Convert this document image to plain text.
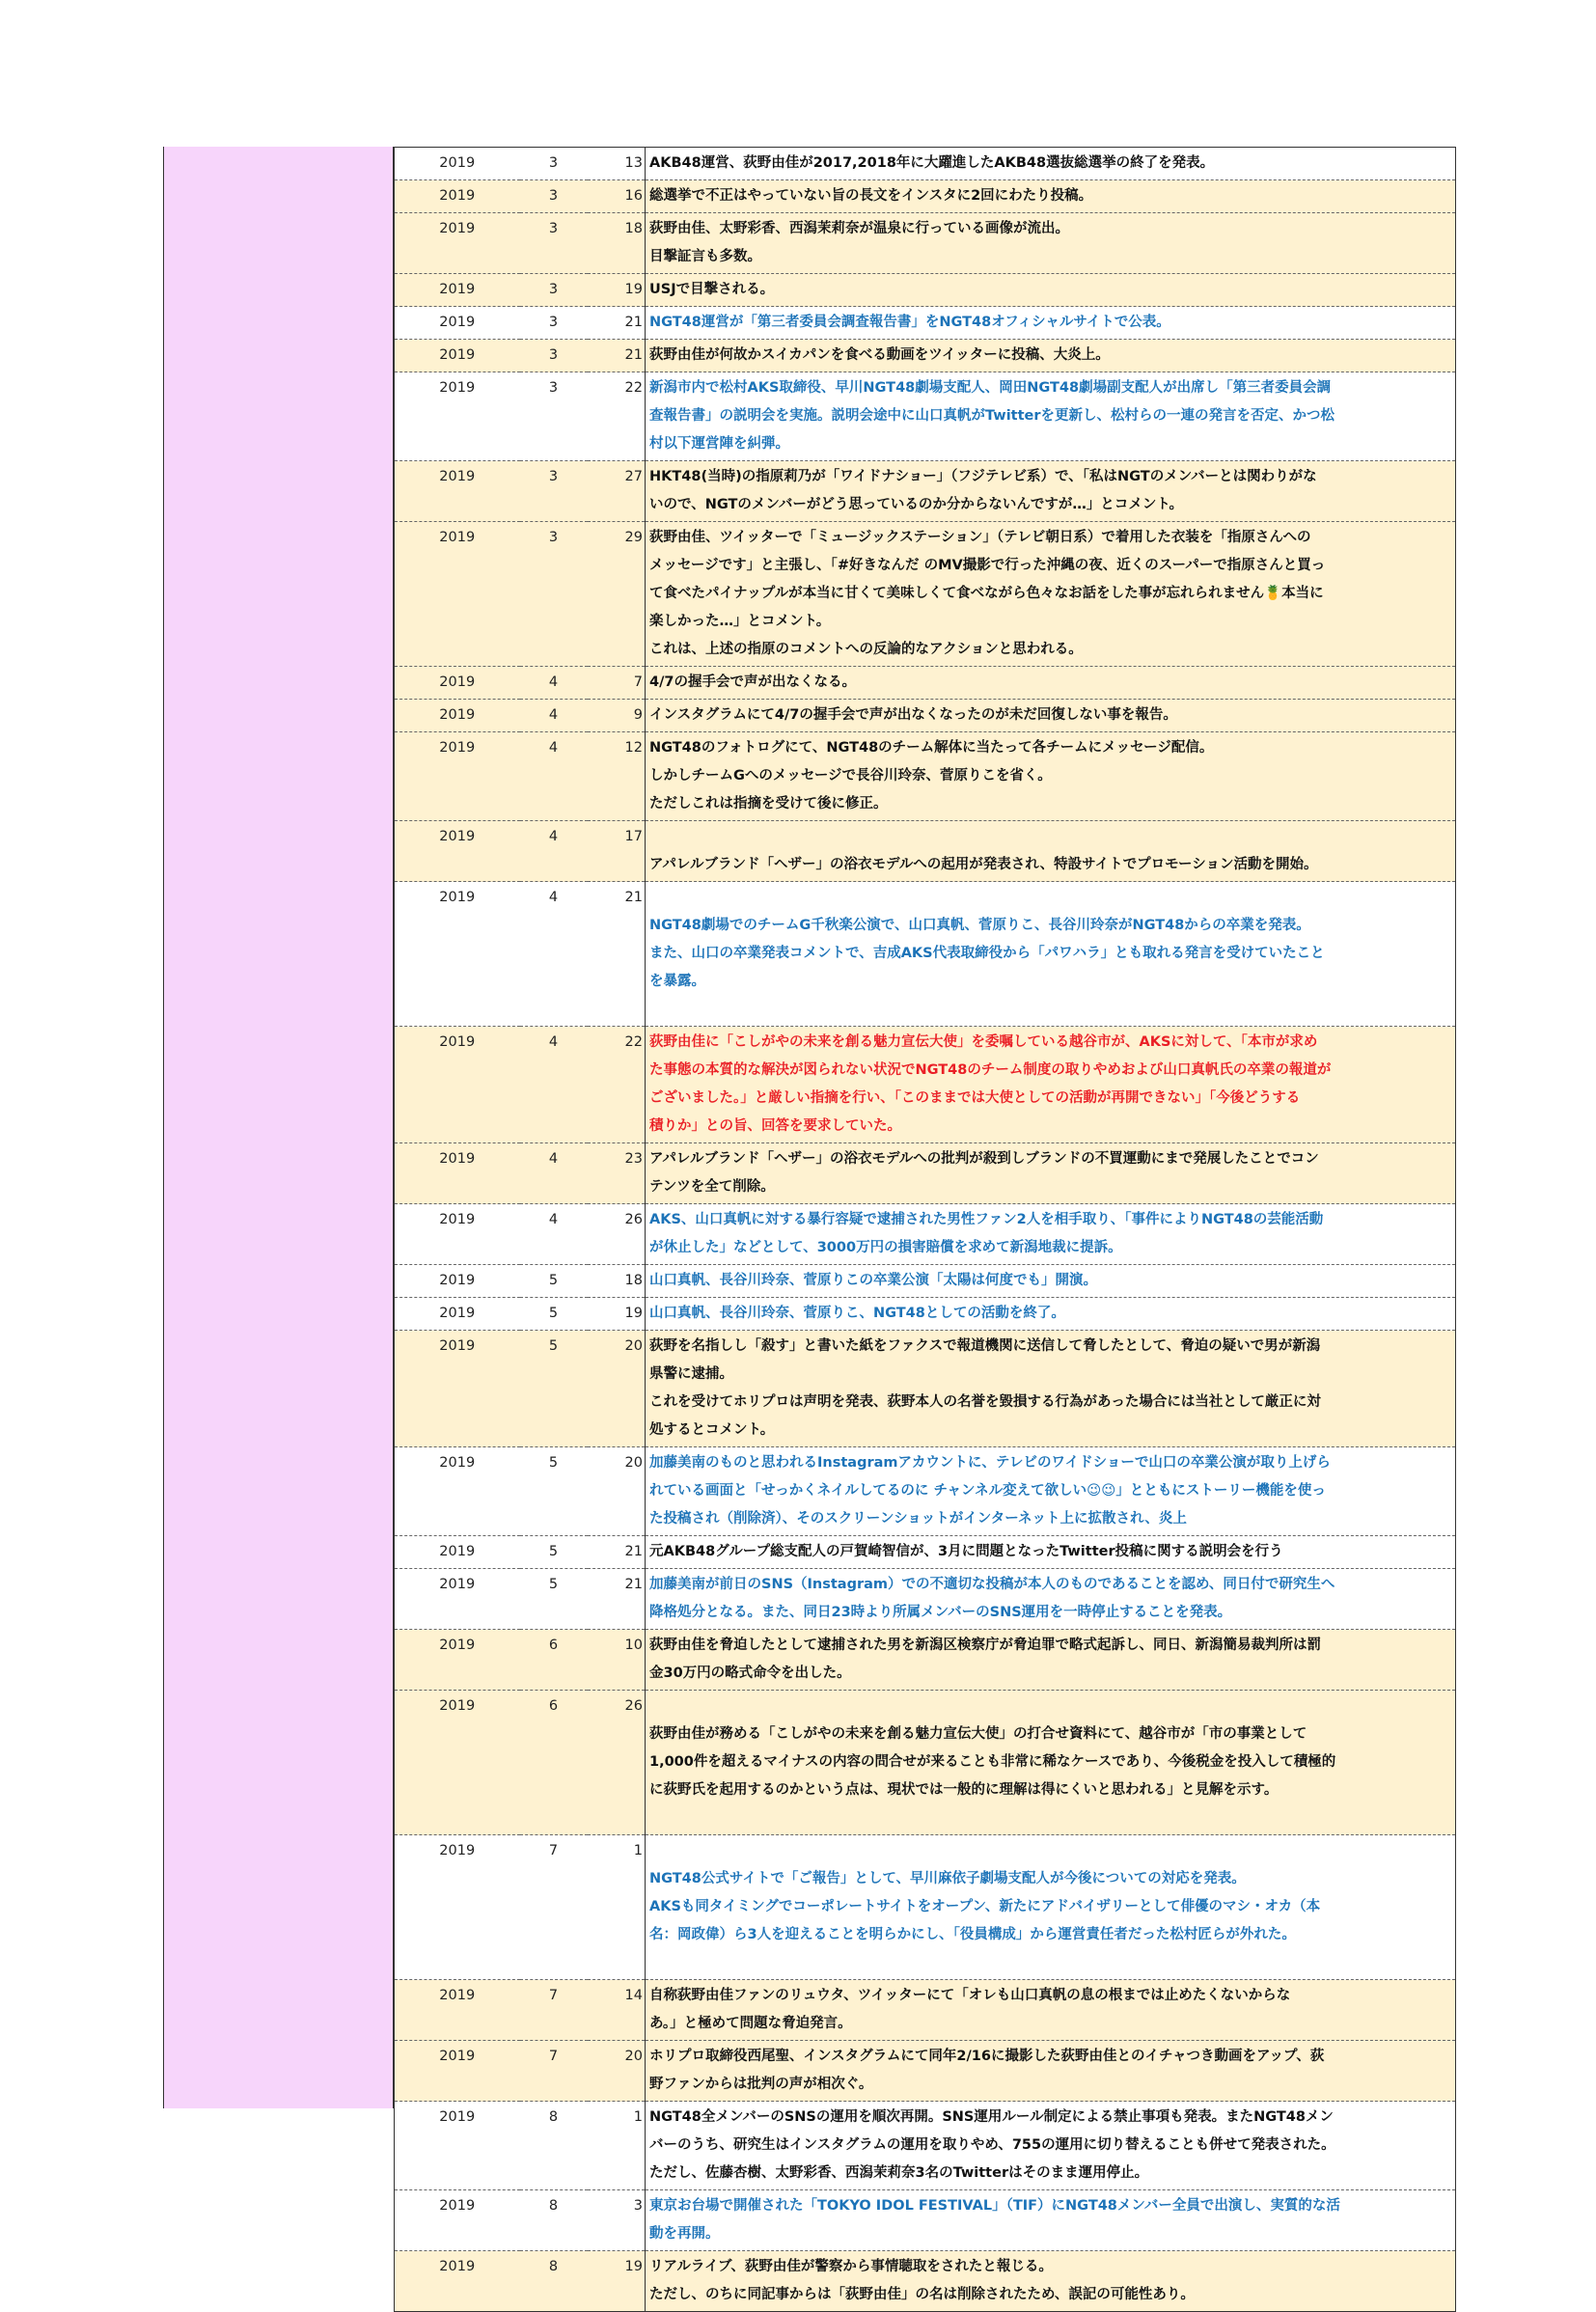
2019	3	13	AKB48運営、荻野由佳が2017,2018年に大躍進したAKB48選抜総選挙の終了を発表。

2019	3	16	総選挙で不正はやっていない旨の長文をインスタに2回にわたり投稿。

2019	3	18	荻野由佳、太野彩香、西潟茉莉奈が温泉に行っている画像が流出。
目撃証言も多数。

2019	3	19	USJで目撃される。

2019	3	21	NGT48運営が「第三者委員会調査報告書」をNGT48オフィシャルサイトで公表。

2019	3	21	荻野由佳が何故かスイカパンを食べる動画をツイッターに投稿、大炎上。

2019	3	22	新潟市内で松村AKS取締役、早川NGT48劇場支配人、岡田NGT48劇場副支配人が出席し「第三者委員会調
査報告書」の説明会を実施。説明会途中に山口真帆がTwitterを更新し、松村らの一連の発言を否定、かつ松
村以下運営陣を糾弾。

2019	3	27	HKT48(当時)の指原莉乃が「ワイドナショー」（フジテレビ系）で、「私はNGTのメンバーとは関わりがな
いので、NGTのメンバーがどう思っているのか分からないんですが…」とコメント。

2019	3	29	荻野由佳、ツイッターで「ミュージックステーション」（テレビ朝日系）で着用した衣装を「指原さんへの
メッセージです」と主張し、「#好きなんだ のMV撮影で行った沖縄の夜、近くのスーパーで指原さんと買っ
て食べたパイナップルが本当に甘くて美味しくて食べながら色々なお話をした事が忘れられません🍍本当に
楽しかった…」とコメント。
これは、上述の指原のコメントへの反論的なアクションと思われる。

2019	4	7	4/7の握手会で声が出なくなる。

2019	4	9	インスタグラムにて4/7の握手会で声が出なくなったのが未だ回復しない事を報告。

2019	4	12	NGT48のフォトログにて、NGT48のチーム解体に当たって各チームにメッセージ配信。
しかしチームGへのメッセージで長谷川玲奈、菅原りこを省く。
ただしこれは指摘を受けて後に修正。

2019	4	17	アパレルブランド「ヘザー」の浴衣モデルへの起用が発表され、特設サイトでプロモーション活動を開始。

2019	4	21	NGT48劇場でのチームG千秋楽公演で、山口真帆、菅原りこ、長谷川玲奈がNGT48からの卒業を発表。
また、山口の卒業発表コメントで、吉成AKS代表取締役から「パワハラ」とも取れる発言を受けていたこと
を暴露。

2019	4	22	荻野由佳に「こしがやの未来を創る魅力宣伝大使」を委嘱している越谷市が、AKSに対して、「本市が求め
た事態の本質的な解決が図られない状況でNGT48のチーム制度の取りやめおよび山口真帆氏の卒業の報道が
ございました。」と厳しい指摘を行い、「このままでは大使としての活動が再開できない」「今後どうする
積りか」との旨、回答を要求していた。

2019	4	23	アパレルブランド「ヘザー」の浴衣モデルへの批判が殺到しブランドの不買運動にまで発展したことでコン
テンツを全て削除。

2019	4	26	AKS、山口真帆に対する暴行容疑で逮捕された男性ファン2人を相手取り、「事件によりNGT48の芸能活動
が休止した」などとして、3000万円の損害賠償を求めて新潟地裁に提訴。

2019	5	18	山口真帆、長谷川玲奈、菅原りこの卒業公演「太陽は何度でも」開演。

2019	5	19	山口真帆、長谷川玲奈、菅原りこ、NGT48としての活動を終了。

2019	5	20	荻野を名指しし「殺す」と書いた紙をファクスで報道機関に送信して脅したとして、脅迫の疑いで男が新潟
県警に逮捕。
これを受けてホリプロは声明を発表、荻野本人の名誉を毀損する行為があった場合には当社として厳正に対
処するとコメント。

2019	5	20	加藤美南のものと思われるInstagramアカウントに、テレビのワイドショーで山口の卒業公演が取り上げら
れている画面と「せっかくネイルしてるのに チャンネル変えて欲しい😉😉」とともにストーリー機能を使っ
た投稿され（削除済）、そのスクリーンショットがインターネット上に拡散され、炎上

2019	5	21	元AKB48グループ総支配人の戸賀崎智信が、3月に問題となったTwitter投稿に関する説明会を行う

2019	5	21	加藤美南が前日のSNS（Instagram）での不適切な投稿が本人のものであることを認め、同日付で研究生へ
降格処分となる。また、同日23時より所属メンバーのSNS運用を一時停止することを発表。

2019	6	10	荻野由佳を脅迫したとして逮捕された男を新潟区検察庁が脅迫罪で略式起訴し、同日、新潟簡易裁判所は罰
金30万円の略式命令を出した。

2019	6	26	荻野由佳が務める「こしがやの未来を創る魅力宣伝大使」の打合せ資料にて、越谷市が「市の事業として
1,000件を超えるマイナスの内容の問合せが来ることも非常に稀なケースであり、今後税金を投入して積極的
に荻野氏を起用するのかという点は、現状では一般的に理解は得にくいと思われる」と見解を示す。

2019	7	1	NGT48公式サイトで「ご報告」として、早川麻依子劇場支配人が今後についての対応を発表。
AKSも同タイミングでコーポレートサイトをオープン、新たにアドバイザリーとして俳優のマシ・オカ（本
名：岡政偉）ら3人を迎えることを明らかにし、「役員構成」から運営責任者だった松村匠らが外れた。

2019	7	14	自称荻野由佳ファンのリュウタ、ツイッターにて「オレも山口真帆の息の根までは止めたくないからな
あ。」と極めて問題な脅迫発言。

2019	7	20	ホリプロ取締役西尾聖、インスタグラムにて同年2/16に撮影した荻野由佳とのイチャつき動画をアップ、荻
野ファンからは批判の声が相次ぐ。

2019	8	1	NGT48全メンバーのSNSの運用を順次再開。SNS運用ルール制定による禁止事項も発表。またNGT48メン
バーのうち、研究生はインスタグラムの運用を取りやめ、755の運用に切り替えることも併せて発表された。
ただし、佐藤杏樹、太野彩香、西潟茉莉奈3名のTwitterはそのまま運用停止。

2019	8	3	東京お台場で開催された「TOKYO IDOL FESTIVAL」（TIF）にNGT48メンバー全員で出演し、実質的な活
動を再開。

2019	8	19	リアルライブ、荻野由佳が警察から事情聴取をされたと報じる。
ただし、のちに同記事からは「荻野由佳」の名は削除されたため、誤記の可能性あり。
